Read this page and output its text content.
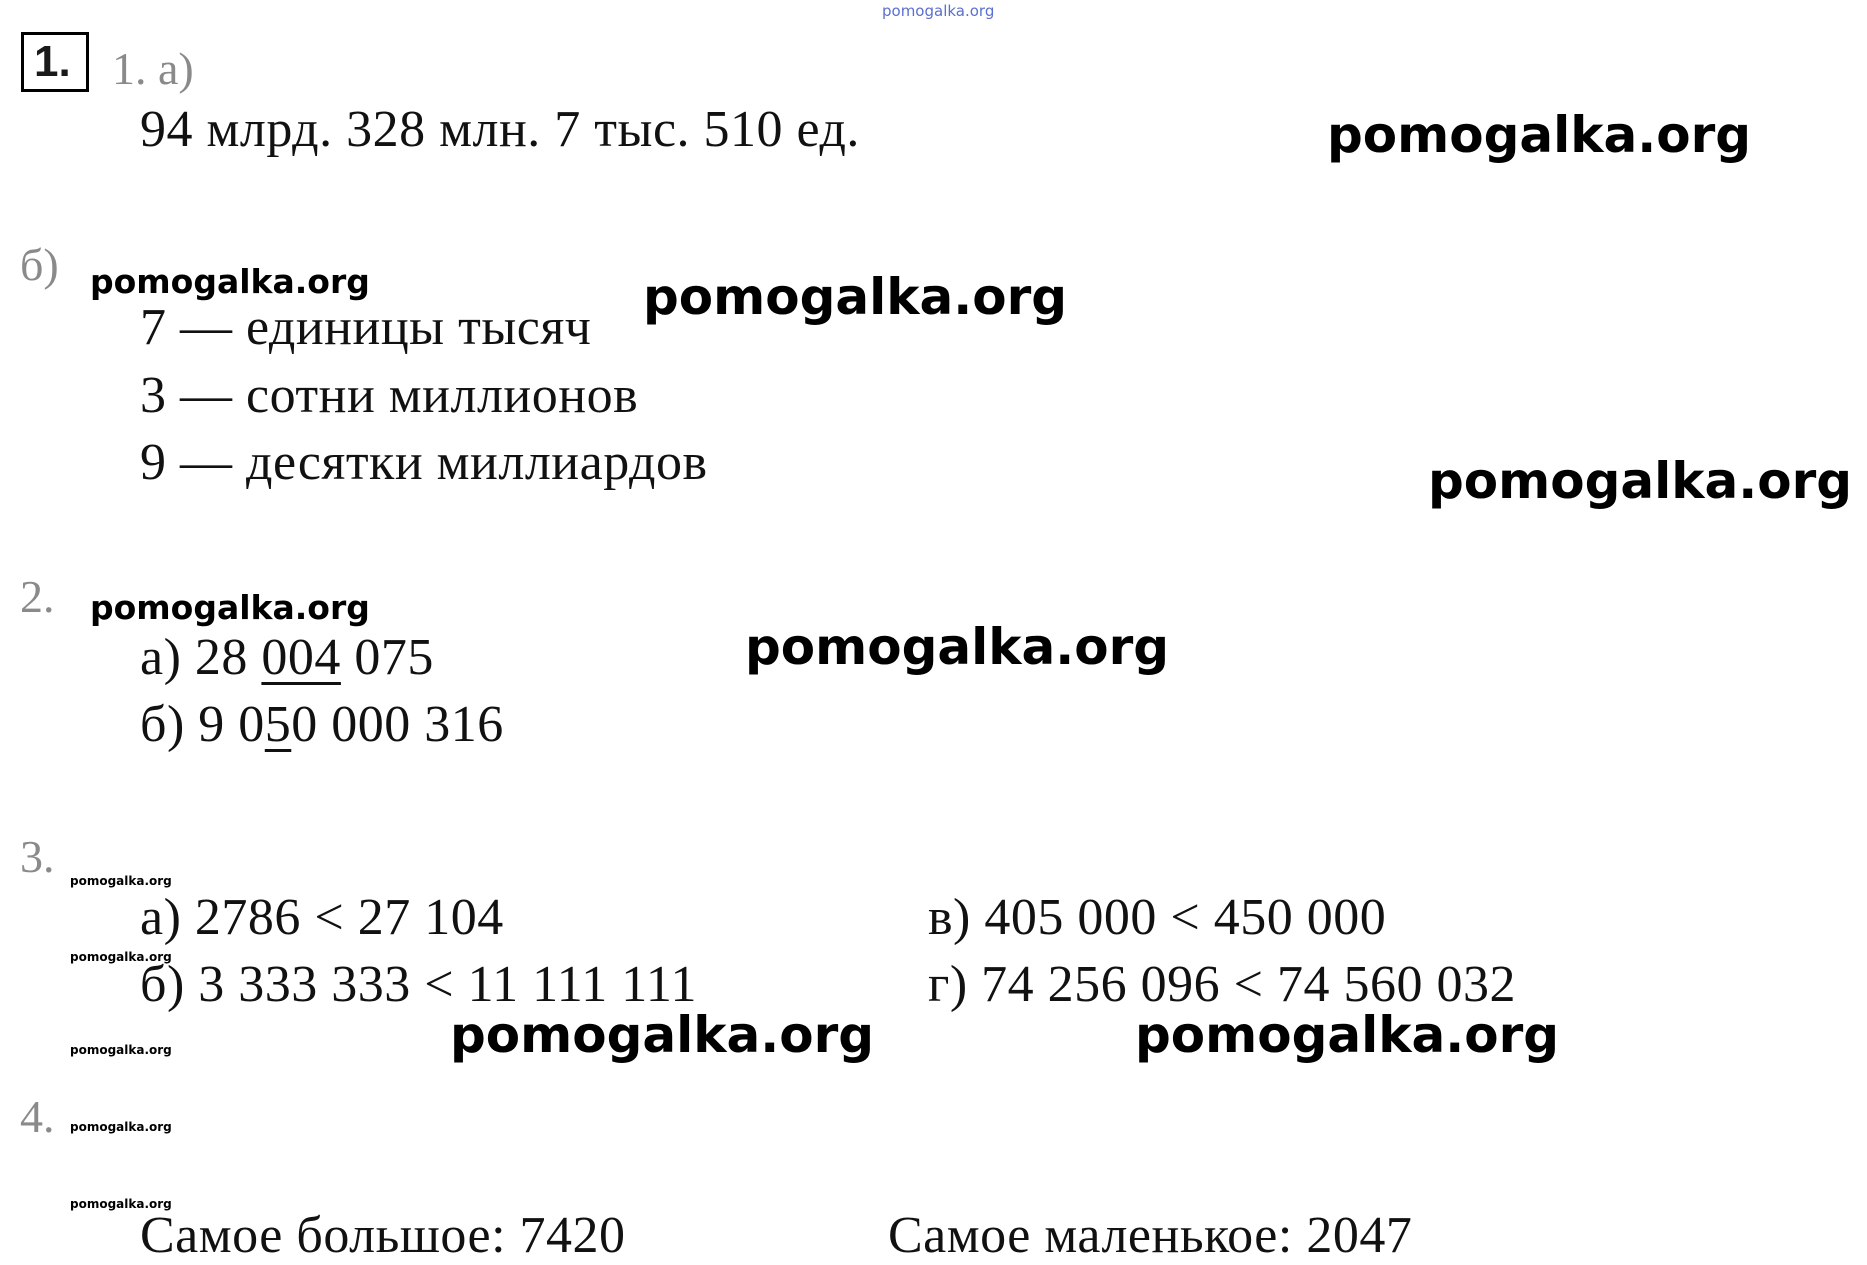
pomogalka.org
1. 1. а)
94 млрд. 328 млн. 7 тыс. 510 ед.	pomogalka.org
б) pomogalka.org
7 — единицы тысяч
pomogalka.org
3 — сотни миллионов
9 — десятки миллиардов	pomogalka.org
2. pomogalka.org
а) 28 004 075	pomogalka.org
б) 9 050 000 316
3. pomogalka.org
а) 2786 < 27 104	в) 405 000 < 450 000
pomogalka.org
б) 3 333 333 < 11 111 111	г) 74 256 096 < 74 560 032
pomogalka.org	pomogalka.org
pomogalka.org
4. pomogalka.org
pomogalka.org
Самое большое: 7420	Самое маленькое: 2047
